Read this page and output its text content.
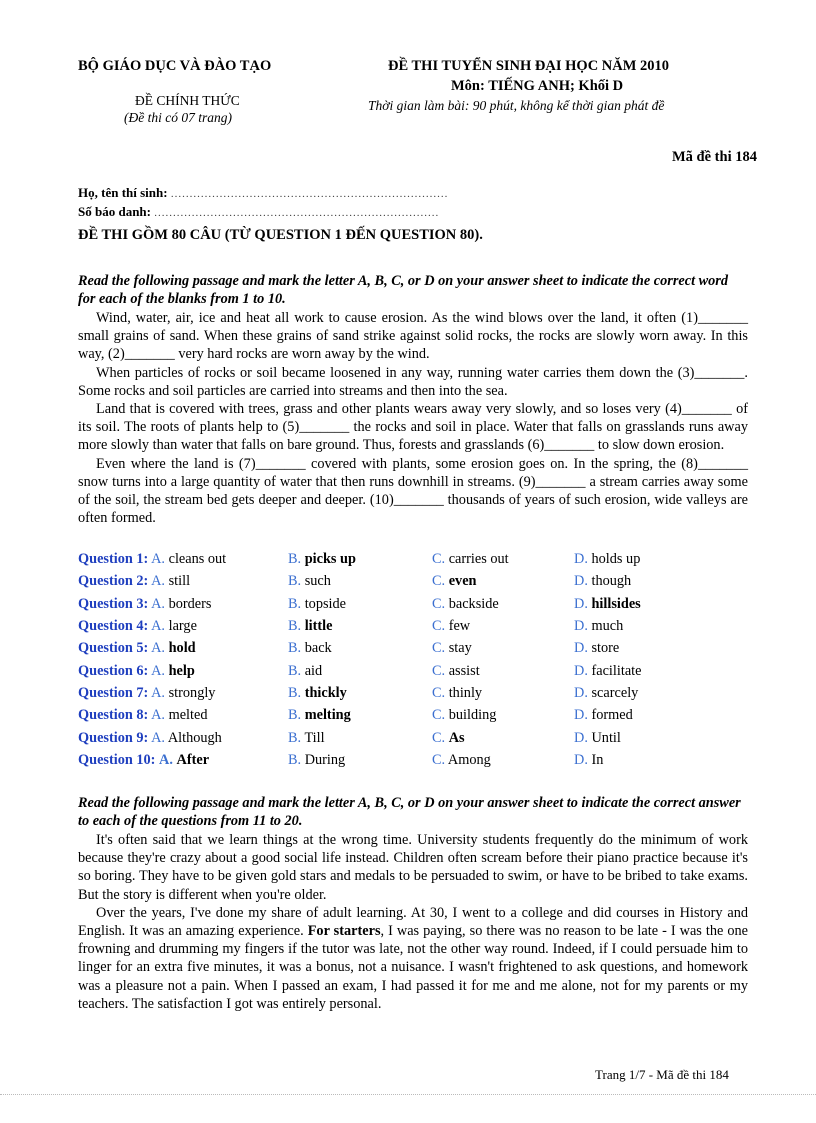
BỘ GIÁO DỤC VÀ ĐÀO TẠO
ĐỀ CHÍNH THỨC
(Đề thi có 07 trang)
ĐỀ THI TUYỂN SINH ĐẠI HỌC NĂM 2010
Môn: TIẾNG ANH; Khối D
Thời gian làm bài: 90 phút, không kể thời gian phát đề
Mã đề thi 184
Họ, tên thí sinh: ..........................................................................
Số báo danh: ............................................................................
ĐỀ THI GỒM 80 CÂU (TỪ QUESTION 1 ĐẾN QUESTION 80).
Read the following passage and mark the letter A, B, C, or D on your answer sheet to indicate the correct word for each of the blanks from 1 to 10.

Wind, water, air, ice and heat all work to cause erosion. As the wind blows over the land, it often (1)_______ small grains of sand. When these grains of sand strike against solid rocks, the rocks are slowly worn away. In this way, (2)_______ very hard rocks are worn away by the wind.

When particles of rocks or soil became loosened in any way, running water carries them down the (3)_______. Some rocks and soil particles are carried into streams and then into the sea.

Land that is covered with trees, grass and other plants wears away very slowly, and so loses very (4)_______ of its soil. The roots of plants help to (5)_______ the rocks and soil in place. Water that falls on grasslands runs away more slowly than water that falls on bare ground. Thus, forests and grasslands (6)_______ to slow down erosion.

Even where the land is (7)_______ covered with plants, some erosion goes on. In the spring, the (8)_______ snow turns into a large quantity of water that then runs downhill in streams. (9)_______ a stream carries away some of the soil, the stream bed gets deeper and deeper. (10)_______ thousands of years of such erosion, wide valleys are often formed.

Question 1: A. cleans out	B. picks up	C. carries out	D. holds up
Question 2: A. still	B. such	C. even	D. though
Question 3: A. borders	B. topside	C. backside	D. hillsides
Question 4: A. large	B. little	C. few	D. much
Question 5: A. hold	B. back	C. stay	D. store
Question 6: A. help	B. aid	C. assist	D. facilitate
Question 7: A. strongly	B. thickly	C. thinly	D. scarcely
Question 8: A. melted	B. melting	C. building	D. formed
Question 9: A. Although	B. Till	C. As	D. Until
Question 10: A. After	B. During	C. Among	D. In
Read the following passage and mark the letter A, B, C, or D on your answer sheet to indicate the correct answer to each of the questions from 11 to 20.

It's often said that we learn things at the wrong time. University students frequently do the minimum of work because they're crazy about a good social life instead. Children often scream before their piano practice because it's so boring. They have to be given gold stars and medals to be persuaded to swim, or have to be bribed to take exams. But the story is different when you're older.

Over the years, I've done my share of adult learning. At 30, I went to a college and did courses in History and English. It was an amazing experience. For starters, I was paying, so there was no reason to be late - I was the one frowning and drumming my fingers if the tutor was late, not the other way round. Indeed, if I could persuade him to linger for an extra five minutes, it was a bonus, not a nuisance. I wasn't frightened to ask questions, and homework was a pleasure not a pain. When I passed an exam, I had passed it for me and me alone, not for my parents or my teachers. The satisfaction I got was entirely personal.

Trang 1/7 - Mã đề thi 184
